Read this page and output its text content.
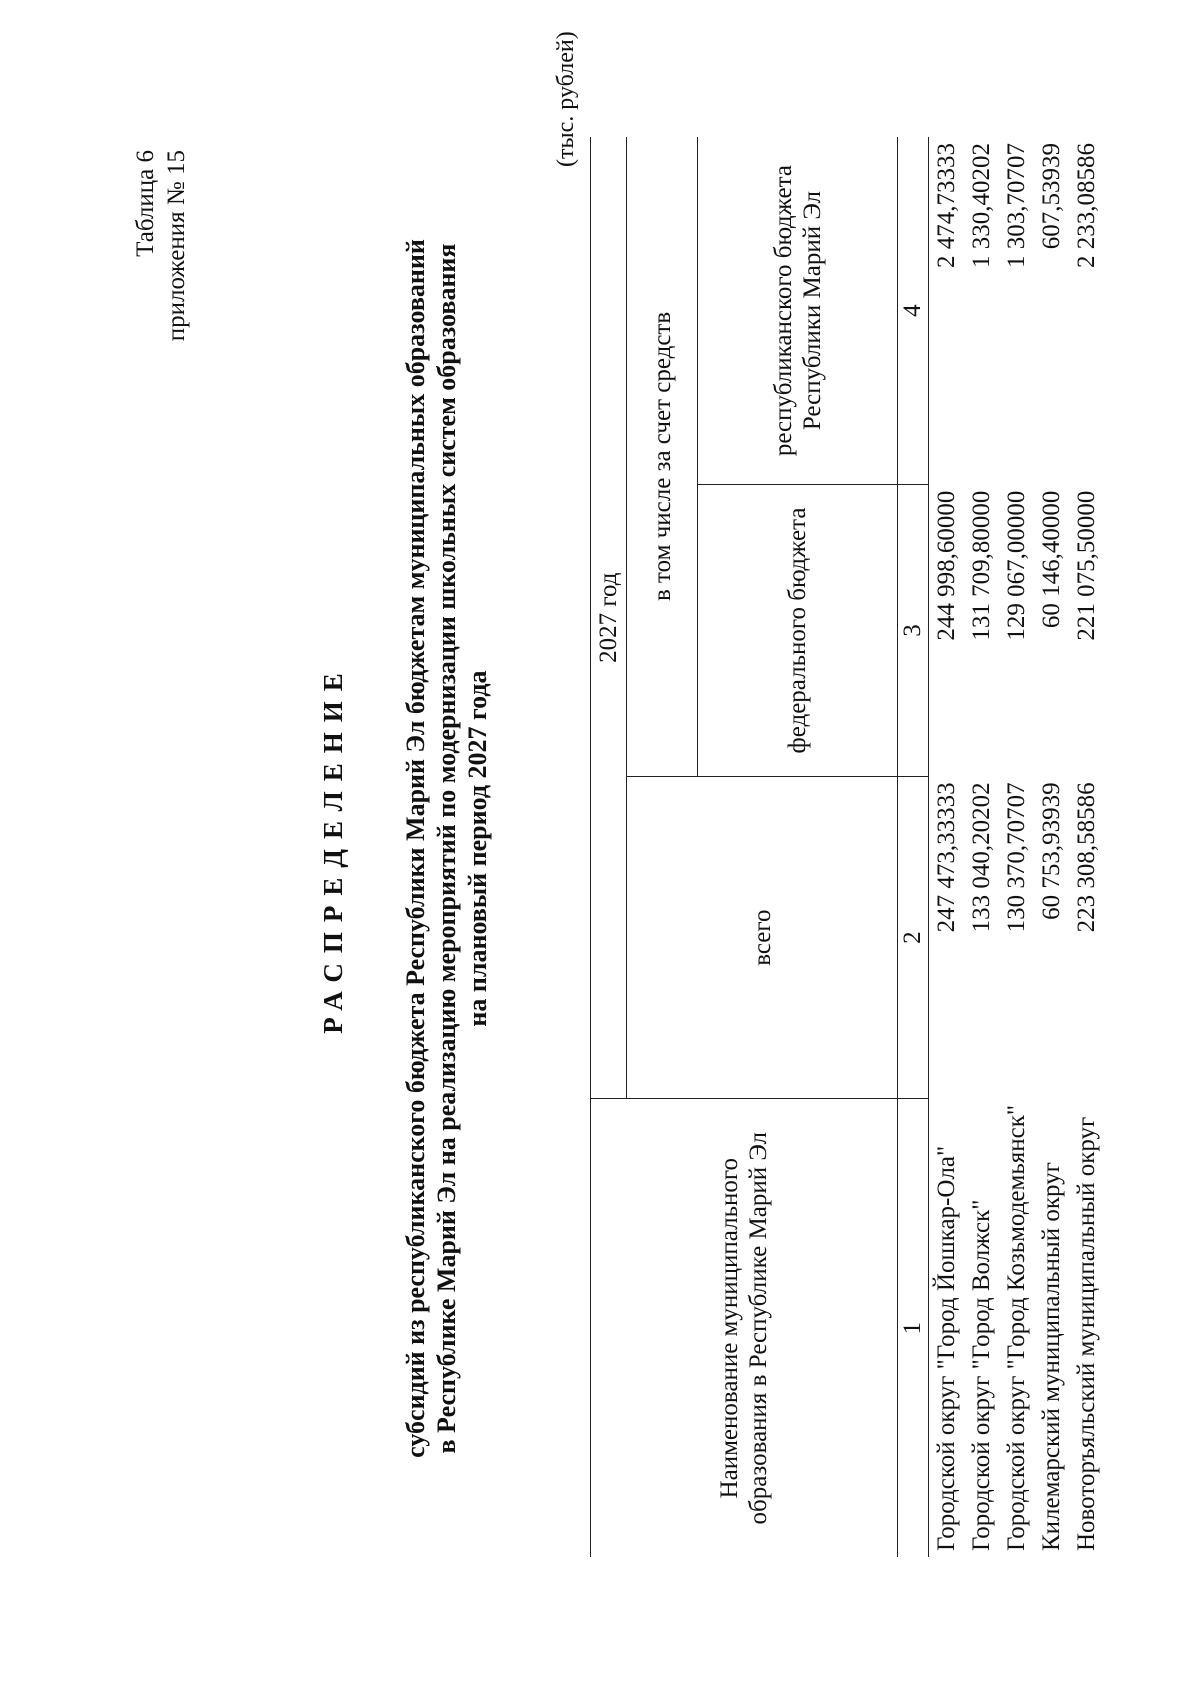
Таблица 6 приложения № 15
РАСПРЕДЕЛЕНИЕ субсидий из республиканского бюджета Республики Марий Эл бюджетам муниципальных образований в Республике Марий Эл на реализацию мероприятий по модернизации школьных систем образования на плановый период 2027 года
(тыс. рублей)
Наименование муниципального образования в Республике Марий Эл	2027 год		
	всего	в том числе за счет средств	
		федерального бюджета	республиканского бюджета Республики Марий Эл
1	2	3	4
Городской округ "Город Йошкар-Ола"	247 473,33333	244 998,60000	2 474,73333
Городской округ "Город Волжск"	133 040,20202	131 709,80000	1 330,40202
Городской округ "Город Козьмодемьянск"	130 370,70707	129 067,00000	1 303,70707
Килемарский муниципальный округ	60 753,93939	60 146,40000	607,53939
Новоторъяльский муниципальный округ	223 308,58586	221 075,50000	2 233,08586
